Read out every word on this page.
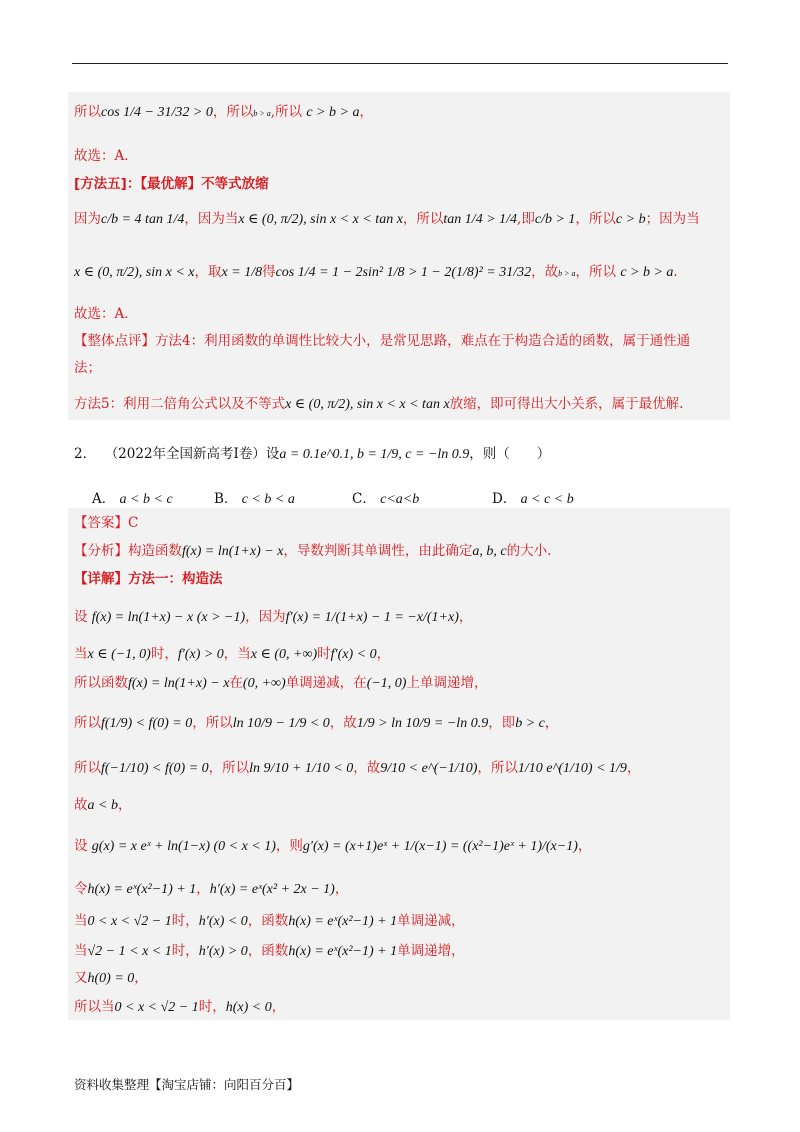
所以cos 1/4 − 31/32 > 0，所以b > a,所以 c > b > a，
故选：A．
[方法五]：【最优解】不等式放缩
因为c/b = 4 tan 1/4，因为当x ∈ (0, π/2), sin x < x < tan x，所以tan 1/4 > 1/4,即c/b > 1，所以c > b；因为当
x ∈ (0, π/2), sin x < x，取x = 1/8得cos 1/4 = 1 − 2sin² 1/8 > 1 − 2(1/8)² = 31/32，故b > a，所以 c > b > a.
故选：A．
【整体点评】方法4：利用函数的单调性比较大小，是常见思路，难点在于构造合适的函数，属于通性通
法；
方法5：利用二倍角公式以及不等式x ∈ (0, π/2), sin x < x < tan x放缩，即可得出大小关系，属于最优解.
2． （2022年全国新高考Ⅰ卷）设a = 0.1e^0.1, b = 1/9, c = −ln 0.9，则（　　）
A． a < b < c	B． c < b < a	C． c<a<b	D． a < c < b
【答案】C
【分析】构造函数f(x) = ln(1+x) − x，导数判断其单调性，由此确定a, b, c的大小.
【详解】方法一：构造法
设 f(x) = ln(1+x) − x (x > −1)，因为f′(x) = 1/(1+x) − 1 = −x/(1+x)，
当x ∈ (−1, 0)时，f′(x) > 0，当x ∈ (0, +∞)时f′(x) < 0，
所以函数f(x) = ln(1+x) − x在(0, +∞)单调递减，在(−1, 0)上单调递增，
所以f(1/9) < f(0) = 0，所以ln 10/9 − 1/9 < 0，故1/9 > ln 10/9 = −ln 0.9，即b > c，
所以f(−1/10) < f(0) = 0，所以ln 9/10 + 1/10 < 0，故9/10 < e^(−1/10)，所以1/10 e^(1/10) < 1/9，
故a < b，
设 g(x) = x eˣ + ln(1−x) (0 < x < 1)，则g′(x) = (x+1)eˣ + 1/(x−1) = ((x²−1)eˣ + 1)/(x−1)，
令h(x) = eˣ(x²−1) + 1，h′(x) = eˣ(x² + 2x − 1)，
当0 < x < √2 − 1时，h′(x) < 0，函数h(x) = eˣ(x²−1) + 1单调递减，
当√2 − 1 < x < 1时，h′(x) > 0，函数h(x) = eˣ(x²−1) + 1单调递增，
又h(0) = 0，
所以当0 < x < √2 − 1时，h(x) < 0，
资料收集整理【淘宝店铺：向阳百分百】
